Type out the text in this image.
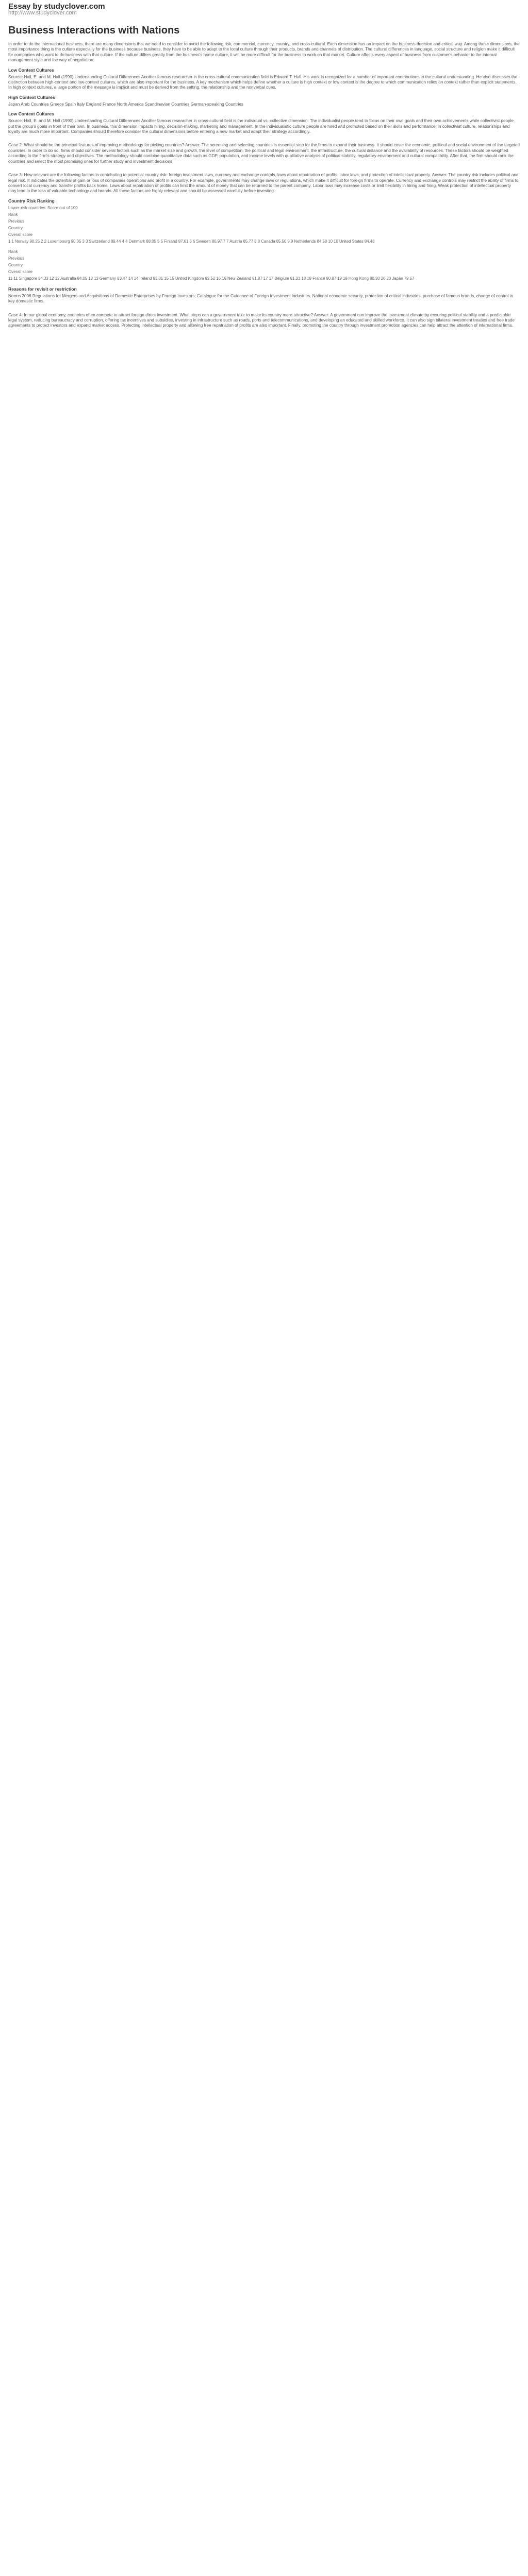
Essay by studyclover.com
http://www.studyclover.com
Business Interactions with Nations

In order to do the international business, there are many dimensions that we need to consider to avoid the following risk, commercial, currency, country, and cross-cultural. Each dimension has an impact on the business decision and critical way. Among these dimensions, the most importance thing is the culture especially for the business because business, they have to be able to adapt to the local culture through their products, brands and channels of distribution. The cultural differences in language, social structure and religion make it difficult for companies who want to do business with that culture. If the culture differs greatly from the business's home culture, it will be more difficult for the business to work on that market. Culture affects every aspect of business from customer's behavior to the internal management style and the way of negotiation.

Low Context Cultures

Source: Hall, E. and M. Hall (1990) Understanding Cultural Differences Another famous researcher in the cross-cultural communication field is Edward T. Hall. His work is recognized for a number of important contributions to the cultural understanding. He also discusses the distinction between high-context and low-context cultures, which are also important for the business. A key mechanism which helps define whether a culture is high context or low context is the degree to which communication relies on context rather than explicit statements. In high context cultures, a large portion of the message is implicit and must be derived from the setting, the relationship and the nonverbal cues.

High Context Cultures

Japan Arab Countries Greece Spain Italy England France North America Scandinavian Countries German-speaking Countries

Low Context Cultures

Source: Hall, E. and M. Hall (1990) Understanding Cultural Differences Another famous researcher in cross-cultural field is the individual vs. collective dimension. The individualist people tend to focus on their own goals and their own achievements while collectivist people put the group's goals in front of their own. In business, this dimension impacts hiring, decision-making, marketing and management. In the individualistic culture people are hired and promoted based on their skills and performance; in collectivist culture, relationships and loyalty are much more important. Companies should therefore consider the cultural dimensions before entering a new market and adapt their strategy accordingly.

Case 2: What should be the principal features of improving methodology for picking countries? Answer: The screening and selecting countries is essential step for the firms to expand their business. It should cover the economic, political and social environment of the targeted countries. In order to do so, firms should consider several factors such as the market size and growth, the level of competition, the political and legal environment, the infrastructure, the cultural distance and the availability of resources. These factors should be weighted according to the firm's strategy and objectives. The methodology should combine quantitative data such as GDP, population, and income levels with qualitative analysis of political stability, regulatory environment and cultural compatibility. After that, the firm should rank the countries and select the most promising ones for further study and investment decisions.

Case 3: How relevant are the following factors in contributing to potential country risk: foreign investment laws, currency and exchange controls, laws about repatriation of profits, labor laws, and protection of intellectual property. Answer: The country risk includes political and legal risk. It indicates the potential of gain or loss of companies operations and profit in a country. For example, governments may change laws or regulations, which make it difficult for foreign firms to operate. Currency and exchange controls may restrict the ability of firms to convert local currency and transfer profits back home. Laws about repatriation of profits can limit the amount of money that can be returned to the parent company. Labor laws may increase costs or limit flexibility in hiring and firing. Weak protection of intellectual property may lead to the loss of valuable technology and brands. All these factors are highly relevant and should be assessed carefully before investing.

Country Risk Ranking
Lower-risk countries: Score out of 100
Rank
Previous
Country
Overall score
1 1 Norway 90.25 2 2 Luxembourg 90.05 3 3 Switzerland 89.44 4 4 Denmark 88.05 5 5 Finland 87.61 6 6 Sweden 86.97 7 7 Austria 85.77 8 8 Canada 85.50 9 9 Netherlands 84.58 10 10 United States 84.48
Rank
Previous
Country
Overall score
11 11 Singapore 84.33 12 12 Australia 84.05 13 13 Germany 83.47 14 14 Ireland 83.01 15 15 United Kingdom 82.52 16 16 New Zealand 81.87 17 17 Belgium 81.31 18 18 France 80.87 19 19 Hong Kong 80.30 20 20 Japan 79.67
Reasons for revisit or restriction

Norms 2006 Regulations for Mergers and Acquisitions of Domestic Enterprises by Foreign Investors; Catalogue for the Guidance of Foreign Investment Industries. National economic security, protection of critical industries, purchase of famous brands, change of control in key domestic firms.

Case 4: In our global economy, countries often compete to attract foreign direct investment. What steps can a government take to make its country more attractive? Answer: A government can improve the investment climate by ensuring political stability and a predictable legal system, reducing bureaucracy and corruption, offering tax incentives and subsidies, investing in infrastructure such as roads, ports and telecommunications, and developing an educated and skilled workforce. It can also sign bilateral investment treaties and free trade agreements to protect investors and expand market access. Protecting intellectual property and allowing free repatriation of profits are also important. Finally, promoting the country through investment promotion agencies can help attract the attention of international firms.
